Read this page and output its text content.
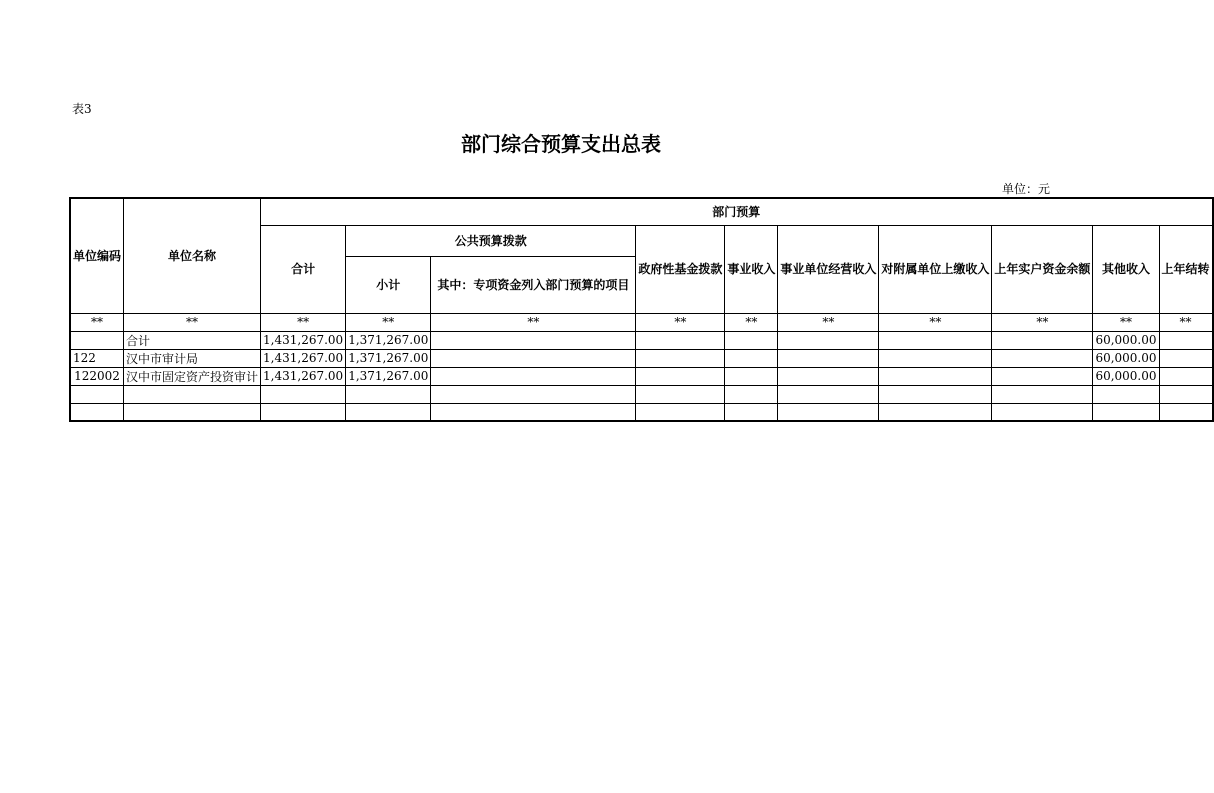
表3
部门综合预算支出总表
单位：元
单位编码	单位名称	部门预算									
		合计	公共预算拨款		政府性基金拨款	事业收入	事业单位经营收入	对附属单位上缴收入	上年实户资金余额	其他收入	上年结转
			小计	其中：专项资金列入部门预算的项目							
**	**	**	**	**	**	**	**	**	**	**	**
	合计	1,431,267.00	1,371,267.00							60,000.00	
122	汉中市审计局	1,431,267.00	1,371,267.00							60,000.00	
122002	汉中市固定资产投资审计	1,431,267.00	1,371,267.00							60,000.00	
